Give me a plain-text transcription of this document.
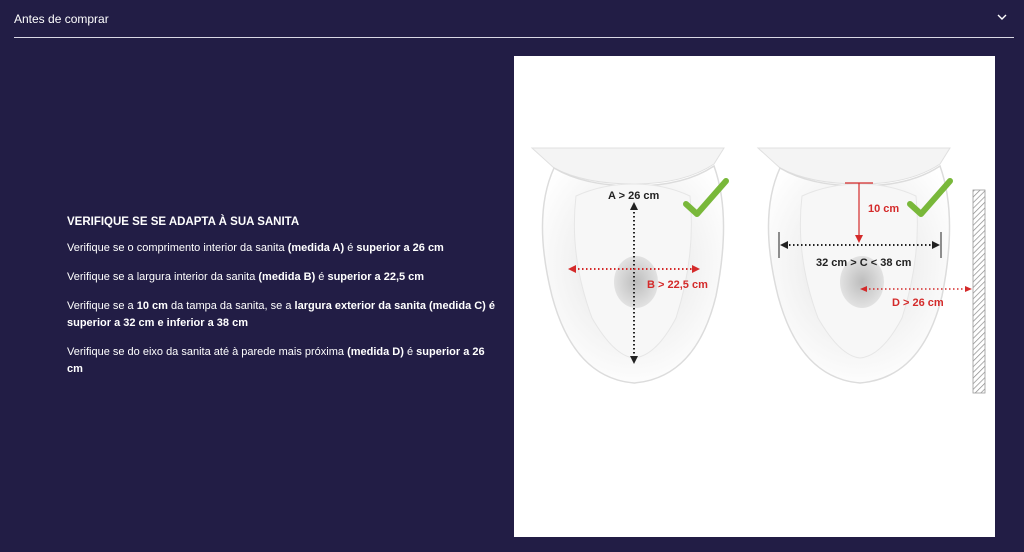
Antes de comprar
VERIFIQUE SE SE ADAPTA À SUA SANITA

Verifique se o comprimento interior da sanita (medida A) é superior a 26 cm

Verifique se a largura interior da sanita (medida B) é superior a 22,5 cm

Verifique se a 10 cm da tampa da sanita, se a largura exterior da sanita (medida C) é superior a 32 cm e inferior a 38 cm

Verifique se do eixo da sanita até à parede mais próxima (medida D) é superior a 26 cm

A > 26 cm
B > 22,5 cm
10 cm
32 cm > C < 38 cm
D > 26 cm
